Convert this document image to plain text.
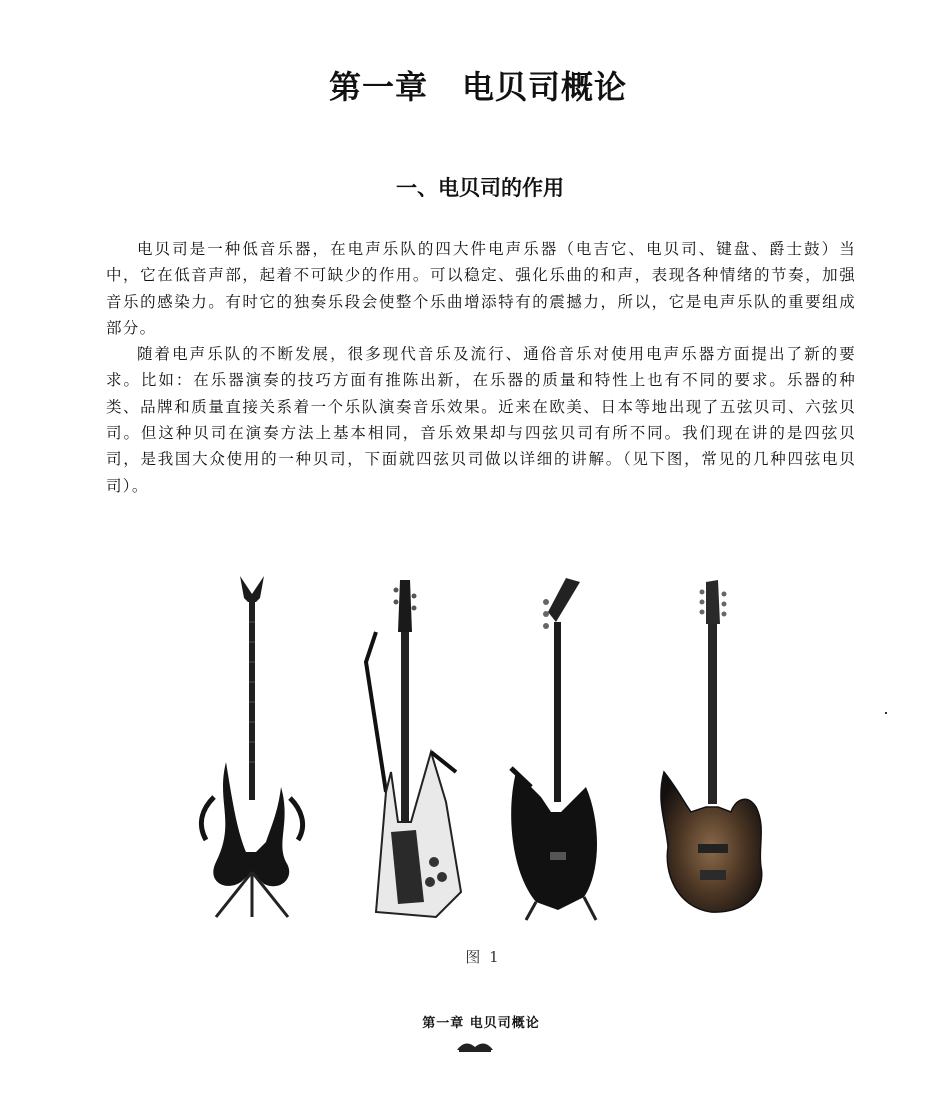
第一章 电贝司概论
一、电贝司的作用

电贝司是一种低音乐器，在电声乐队的四大件电声乐器（电吉它、电贝司、键盘、爵士鼓）当中，它在低音声部，起着不可缺少的作用。可以稳定、强化乐曲的和声，表现各种情绪的节奏，加强音乐的感染力。有时它的独奏乐段会使整个乐曲增添特有的震撼力，所以，它是电声乐队的重要组成部分。

随着电声乐队的不断发展，很多现代音乐及流行、通俗音乐对使用电声乐器方面提出了新的要求。比如：在乐器演奏的技巧方面有推陈出新，在乐器的质量和特性上也有不同的要求。乐器的种类、品牌和质量直接关系着一个乐队演奏音乐效果。近来在欧美、日本等地出现了五弦贝司、六弦贝司。但这种贝司在演奏方法上基本相同，音乐效果却与四弦贝司有所不同。我们现在讲的是四弦贝司，是我国大众使用的一种贝司，下面就四弦贝司做以详细的讲解。（见下图，常见的几种四弦电贝司）。

图 1
第一章 电贝司概论
